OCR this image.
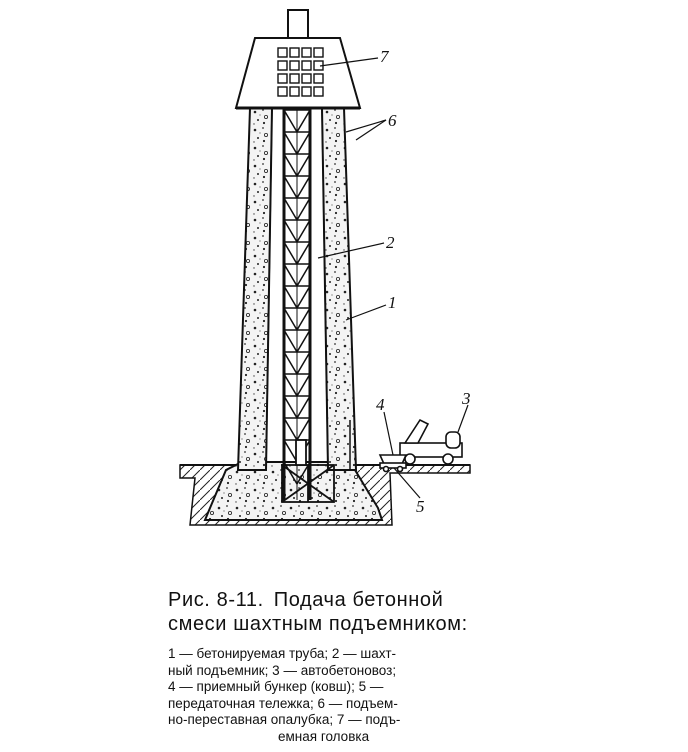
7
6
2
1
4	3
5
Рис. 8-11. Подача бетонной
смеси шахтным подъемником:
1 — бетонируемая труба; 2 — шахт-
ный подъемник; 3 — автобетоновоз;
4 — приемный бункер (ковш); 5 —
передаточная тележка; 6 — подъем-
но-переставная опалубка; 7 — подъ-
емная головка
